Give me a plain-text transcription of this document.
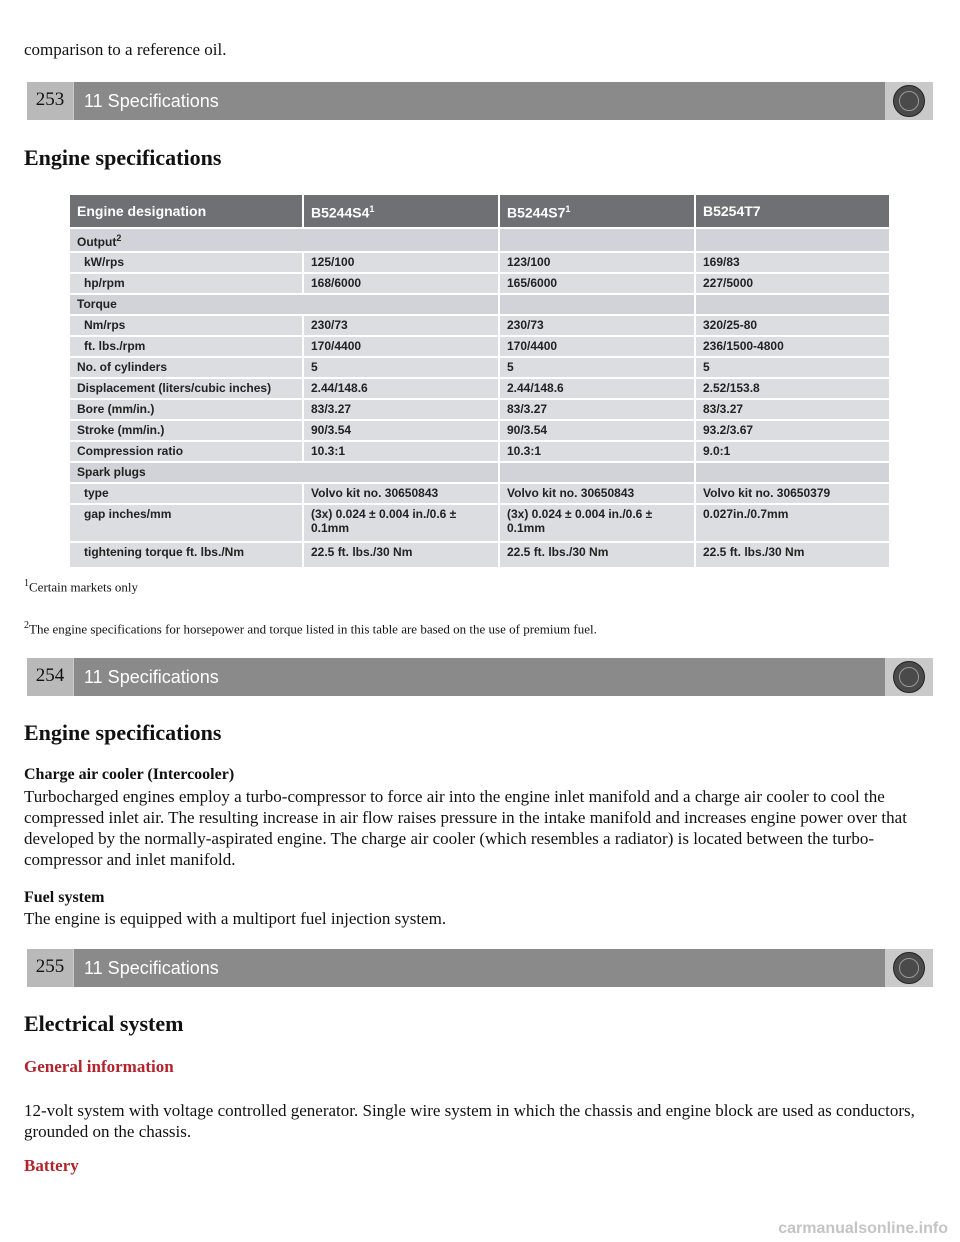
comparison to a reference oil.
253	11 Specifications
Engine specifications
Engine designation	$B5244S4^1$	$B5244S7^1$	B5254T7
Output$^2$		
kW/rps	125/100	123/100	169/83
hp/rpm	168/6000	165/6000	227/5000
Torque			
Nm/rps	230/73	230/73	320/25-80
ft. lbs./rpm	170/4400	170/4400	236/1500-4800
No. of cylinders	5	5	5
Displacement (liters/cubic inches)	2.44/148.6	2.44/148.6	2.52/153.8
Bore (mm/in.)	83/3.27	83/3.27	83/3.27
Stroke (mm/in.)	90/3.54	90/3.54	93.2/3.67
Compression ratio	10.3:1	10.3:1	9.0:1
Spark plugs			
type	Volvo kit no. 30650843	Volvo kit no. 30650843	Volvo kit no. 30650379
gap inches/mm	(3x) 0.024 ± 0.004 in./0.6 ± 0.1mm	(3x) 0.024 ± 0.004 in./0.6 ± 0.1mm	0.027in./0.7mm
tightening torque ft. lbs./Nm	22.5 ft. lbs./30 Nm	22.5 ft. lbs./30 Nm	22.5 ft. lbs./30 Nm
$^1$Certain markets only
$^2$The engine specifications for horsepower and torque listed in this table are based on the use of premium fuel.
254	11 Specifications
Engine specifications
Charge air cooler (Intercooler)
Turbocharged engines employ a turbo-compressor to force air into the engine inlet manifold and a charge air cooler to cool the compressed inlet air. The resulting increase in air flow raises pressure in the intake manifold and increases engine power over that developed by the normally-aspirated engine. The charge air cooler (which resembles a radiator) is located between the turbo-compressor and inlet manifold.
Fuel system
The engine is equipped with a multiport fuel injection system.
255	11 Specifications
Electrical system
General information
12-volt system with voltage controlled generator. Single wire system in which the chassis and engine block are used as conductors, grounded on the chassis.
Battery
carmanualsonline.info
